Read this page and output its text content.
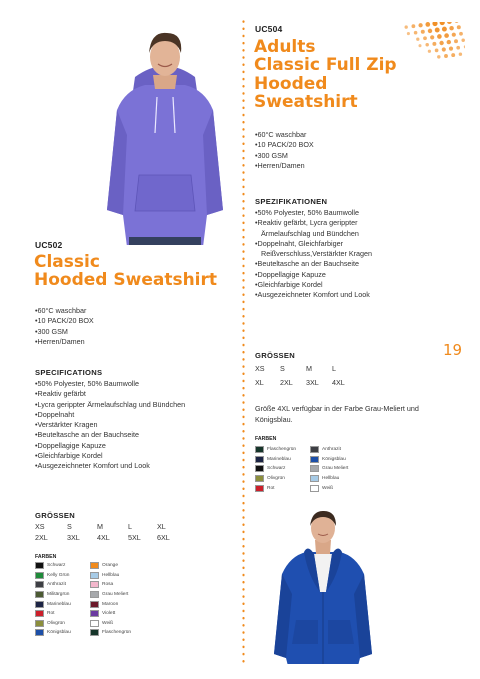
UC502
Classic
Hooded Sweatshirt
• 60°C waschbar
• 10 PACK/20 BOX
• 300 GSM
• Herren/Damen
SPECIFICATIONS
• 50% Polyester, 50% Baumwolle
• Reaktiv gefärbt
• Lycra gerippter Ärmelaufschlag und Bündchen
• Doppelnaht
• Verstärkter Kragen
• Beuteltasche an der Bauchseite
• Doppellagige Kapuze
• Gleichfarbige Kordel
• Ausgezeichneter Komfort und Look
GRÖSSEN
XS	S	M	L	XL
2XL	3XL	4XL	5XL	6XL
FARBEN
Schwarz
Kelly Grün
Anthrazit
Militärgrün
Marineblau
Rot
Olivgrün
Königsblau
Orange
Hellblau
Rosa
Grau Meliert
Maroon
Violett
Weiß
Flaschengrün
UC504
Adults
Classic Full Zip
Hooded
Sweatshirt
• 60°C waschbar
• 10 PACK/20 BOX
• 300 GSM
• Herren/Damen
SPEZIFIKATIONEN
• 50% Polyester, 50% Baumwolle
• Reaktiv gefärbt, Lycra gerippter Ärmelaufschlag und Bündchen
• Doppelnaht, Gleichfarbiger Reißverschluss,Verstärkter Kragen
• Beuteltasche an der Bauchseite
• Doppellagige Kapuze
• Gleichfarbige Kordel
• Ausgezeichneter Komfort und Look
GRÖSSEN
XS	S	M	L
XL	2XL	3XL	4XL
Größe 4XL verfügbar in der Farbe Grau-Meliert und Königsblau.
FARBEN
Flaschengrün
Marineblau
Schwarz
Olivgrün
Rot
Anthrazit
Königsblau
Grau Meliert
Hellblau
Weiß
19
